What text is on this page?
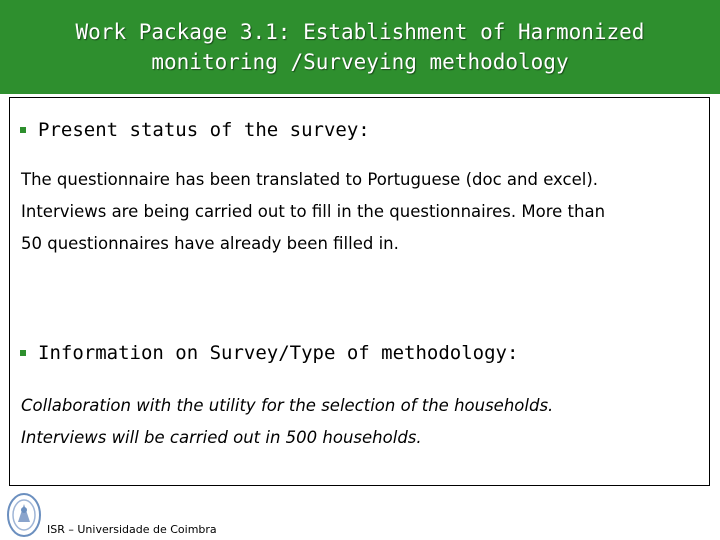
Work Package 3.1: Establishment of Harmonized
monitoring /Surveying methodology
Present status of the survey:
The questionnaire has been translated to Portuguese (doc and excel).
Interviews are being carried out to fill in the questionnaires. More than
50 questionnaires have already been filled in.
Information on Survey/Type of methodology:
Collaboration with the utility for the selection of the households.
Interviews will be carried out in 500 households.
ISR – Universidade de Coimbra
